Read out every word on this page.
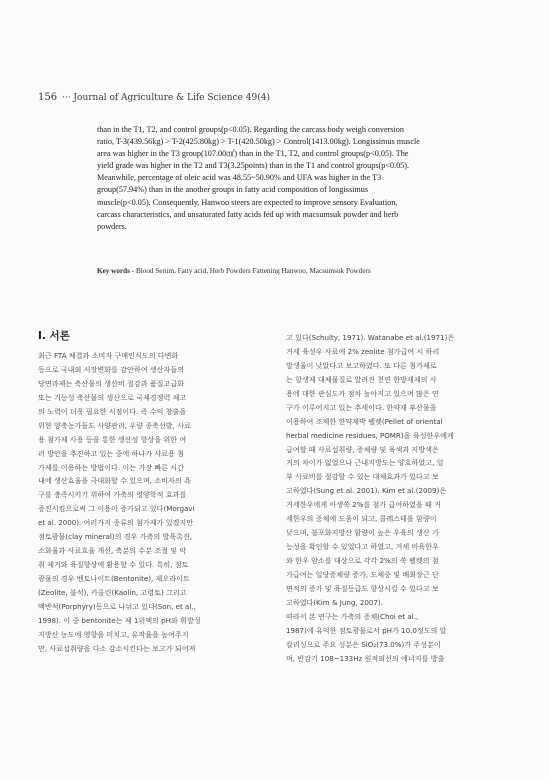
156 ··· Journal of Agriculture & Life Science 49(4)
than in the T1, T2, and control groups(p<0.05). Regarding the carcass body weigh conversion
ratio, T-3(439.56kg) > T-2(425.80kg) > T-1(420.50kg) > Control(1413.00kg). Longissimus muscle
area was higher in the T3 group(107.00㎠) than in the T1, T2, and control groups(p<0.05). The
yield grade was higher in the T2 and T3(3.25points) than in the T1 and control groups(p<0.05).
Meanwhile, percentage of oleic acid was 48.55~50.90% and UFA was higher in the T3
group(57.94%) than in the another groups in fatty acid composition of longissimus
muscle(p<0.05). Consequently, Hanwoo steers are expected to improve sensory Evaluation,
carcass characteristics, and unsaturated fatty acids fed up with macsumsuk powder and herb
powders.
Key words - Blood Serum, Fatty acid, Herb Powders Fattening Hanwoo, Macsumsuk Powders
Ⅰ. 서론
최근 FTA 체결과 소비자 구매인식도의 다변화
등으로 국내외 시장변화를 감안하여 생산자들의
당면과제는 축산물의 생산비 절감과 품질고급화
또는 기능성 축산물의 생산으로 국제경쟁력 제고
의 노력이 더욱 필요한 시점이다. 즉 수익 창출을
위한 양축농가들도 사양관리, 우량 종축선발, 사료
용 첨가제 사용 등을 통한 생산성 향상을 위한 여
러 방안을 추진하고 있는 중에 하나가 사료용 첨
가제를 이용하는 방법이다. 이는 가장 빠른 시간
내에 생산효율을 극대화할 수 있으며, 소비자의 욕
구를 충족시키기 위하여 가축의 영양학적 효과를
증진시킴으로써 그 이용이 증가되고 있다(Morgavi
et al. 2000). 여러가지 종류의 첨가제가 있겠지만
점토광물(clay mineral)의 경우 가축의 발육촉진,
소화율과 사료효율 개선, 축분의 수분 조절 및 악
취 제거와 육질향상에 활용할 수 있다. 특히, 점토
광물의 경우 벤토나이트(Bentonite), 제오라이트
(Zeolite, 불석), 카올린(Kaolin, 고령토) 그리고
맥반석(Porphyry)등으로 나뉘고 있다(Son, et al.,
1998). 이 중 bentonite는 제 1위액의 pH와 휘발성
지방산 농도에 영향을 미치고, 유작율을 높여주지
만, 사료섭취량을 다소 감소시킨다는 보고가 되어져
고 있다(Schulty, 1971). Watanabe et al.(1971)은
거세 육성우 사료에 2% zeolite 첨가급여 시 하리
발생율이 낮았다고 보고하였다. 또 다른 첨가제로
는 항생제 대체물질로 알려진 천연 한방재제의 사
용에 대한 관심도가 점차 높아지고 있으며 많은 연
구가 이루어지고 있는 추세이다. 한약재 부산물을
이용하여 조제한 한약재박 펠렛(Pellet of oriental
herbal medicine residues, POMR)을 육성한우에게
급여할 때 사료섭취량, 증체량 및 육색과 지방색은
거의 차이가 없었으나 근내지방도는 양호하였고, 일
부 사료비를 절감할 수 있는 대체효과가 있다고 보
고하였다(Sung et al. 2001). Kim et al.(2009)은
거세한우에게 아생쑥 2%를 첨가 급여하였을 때 거
세한우의 증체에 도움이 되고, 콜레스테롤 함량이
낮으며, 불포화지방산 함량이 높은 우육의 생산 가
능성을 확인할 수 있었다고 하였고, 거세 비육한우
와 한우 암소를 대상으로 각각 2%의 쑥 펠렛의 첨
가급여는 일당증체량 증가, 도체중 및 배최장근 단
면적의 증가 및 육질등급도 향상시킬 수 있다고 보
고하였다(Kim & Jung, 2007).
따라서 본 연구는 가축의 증체(Choi et al.,
1987)에 유익한 점토광물로서 pH가 10.0정도의 알
칼리성으로 주요 성분은 SiO₂(73.0%)가 주성분이
며, 반감기 108~133Hz 원적외선의 에너지를 방출
